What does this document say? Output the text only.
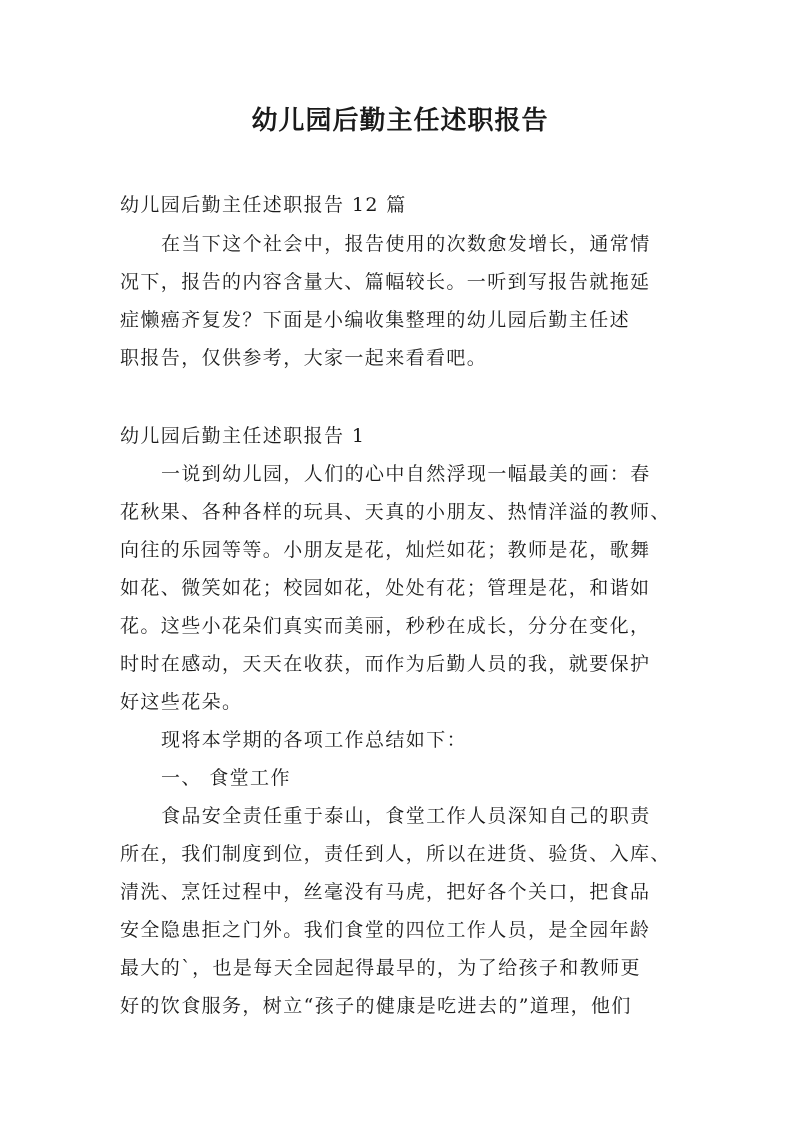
幼儿园后勤主任述职报告
幼儿园后勤主任述职报告 12 篇
在当下这个社会中，报告使用的次数愈发增长，通常情
况下，报告的内容含量大、篇幅较长。一听到写报告就拖延
症懒癌齐复发？下面是小编收集整理的幼儿园后勤主任述
职报告，仅供参考，大家一起来看看吧。
幼儿园后勤主任述职报告 1
一说到幼儿园，人们的心中自然浮现一幅最美的画：春
花秋果、各种各样的玩具、天真的小朋友、热情洋溢的教师、
向往的乐园等等。小朋友是花，灿烂如花；教师是花，歌舞
如花、微笑如花；校园如花，处处有花；管理是花，和谐如
花。这些小花朵们真实而美丽，秒秒在成长，分分在变化，
时时在感动，天天在收获，而作为后勤人员的我，就要保护
好这些花朵。
现将本学期的各项工作总结如下：
一、 食堂工作
食品安全责任重于泰山，食堂工作人员深知自己的职责
所在，我们制度到位，责任到人，所以在进货、验货、入库、
清洗、烹饪过程中，丝毫没有马虎，把好各个关口，把食品
安全隐患拒之门外。我们食堂的四位工作人员，是全园年龄
最大的`，也是每天全园起得最早的，为了给孩子和教师更
好的饮食服务，树立“孩子的健康是吃进去的”道理，他们
